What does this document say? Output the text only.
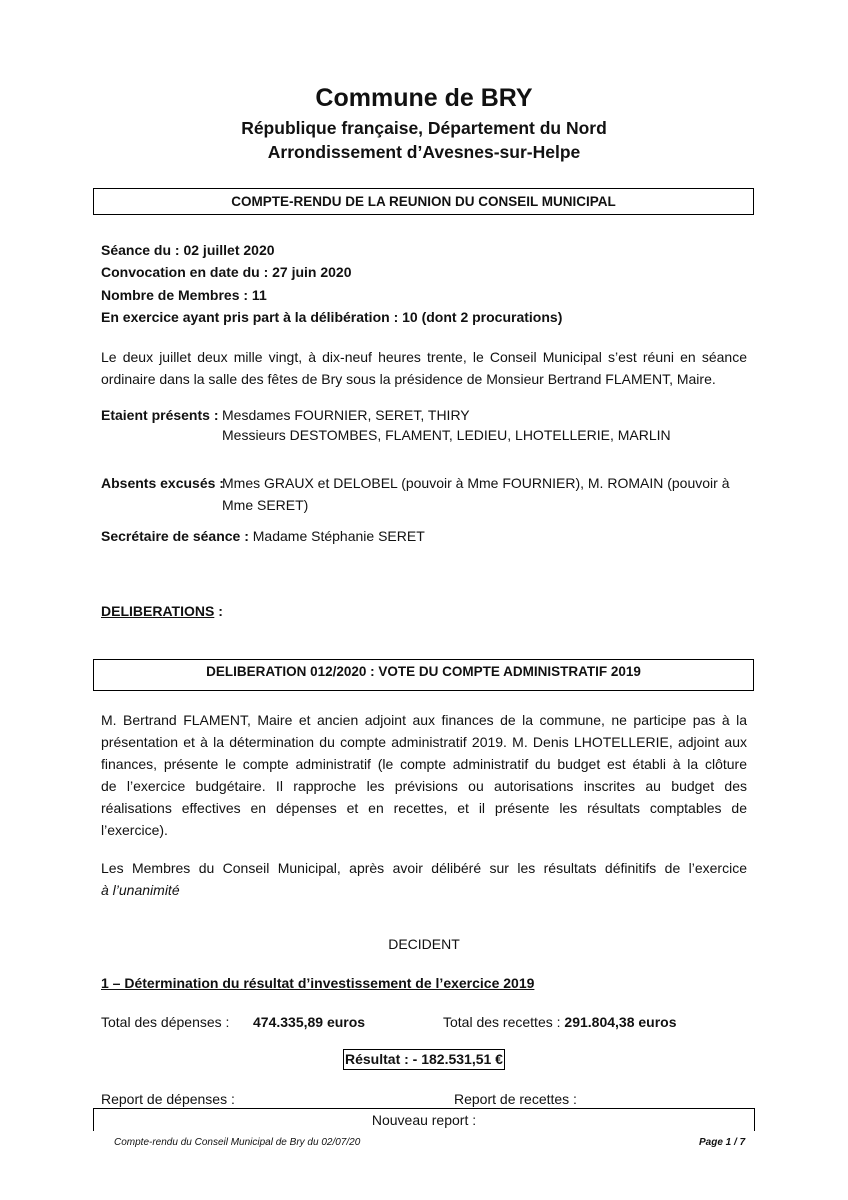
Commune de BRY
République française, Département du Nord
Arrondissement d’Avesnes-sur-Helpe
COMPTE-RENDU DE LA REUNION DU CONSEIL MUNICIPAL
Séance du : 02 juillet 2020
Convocation en date du : 27 juin 2020
Nombre de Membres : 11
En exercice ayant pris part à la délibération : 10 (dont 2 procurations)
Le deux juillet deux mille vingt, à dix-neuf heures trente, le Conseil Municipal s’est réuni en séance
ordinaire dans la salle des fêtes de Bry sous la présidence de Monsieur Bertrand FLAMENT, Maire.
Etaient présents : Mesdames FOURNIER, SERET, THIRY
Messieurs DESTOMBES, FLAMENT, LEDIEU, LHOTELLERIE, MARLIN
Absents excusés :
Mmes GRAUX et DELOBEL (pouvoir à Mme FOURNIER), M. ROMAIN (pouvoir à
Mme SERET)
Secrétaire de séance : Madame Stéphanie SERET
DELIBERATIONS :
DELIBERATION 012/2020 : VOTE DU COMPTE ADMINISTRATIF 2019
M. Bertrand FLAMENT, Maire et ancien adjoint aux finances de la commune, ne participe pas à la
présentation et à la détermination du compte administratif 2019. M. Denis LHOTELLERIE, adjoint aux
finances, présente le compte administratif (le compte administratif du budget est établi à la clôture
de l’exercice budgétaire. Il rapproche les prévisions ou autorisations inscrites au budget des
réalisations effectives en dépenses et en recettes, et il présente les résultats comptables de
l’exercice).
Les Membres du Conseil Municipal, après avoir délibéré sur les résultats définitifs de l’exercice
à l’unanimité
DECIDENT
1 – Détermination du résultat d’investissement de l’exercice 2019
Total des dépenses : 474.335,89 euros	Total des recettes : 291.804,38 euros
Résultat : - 182.531,51 €
Report de dépenses :	Report de recettes :
Nouveau report :
Compte-rendu du Conseil Municipal de Bry du 02/07/20	Page 1 / 7
